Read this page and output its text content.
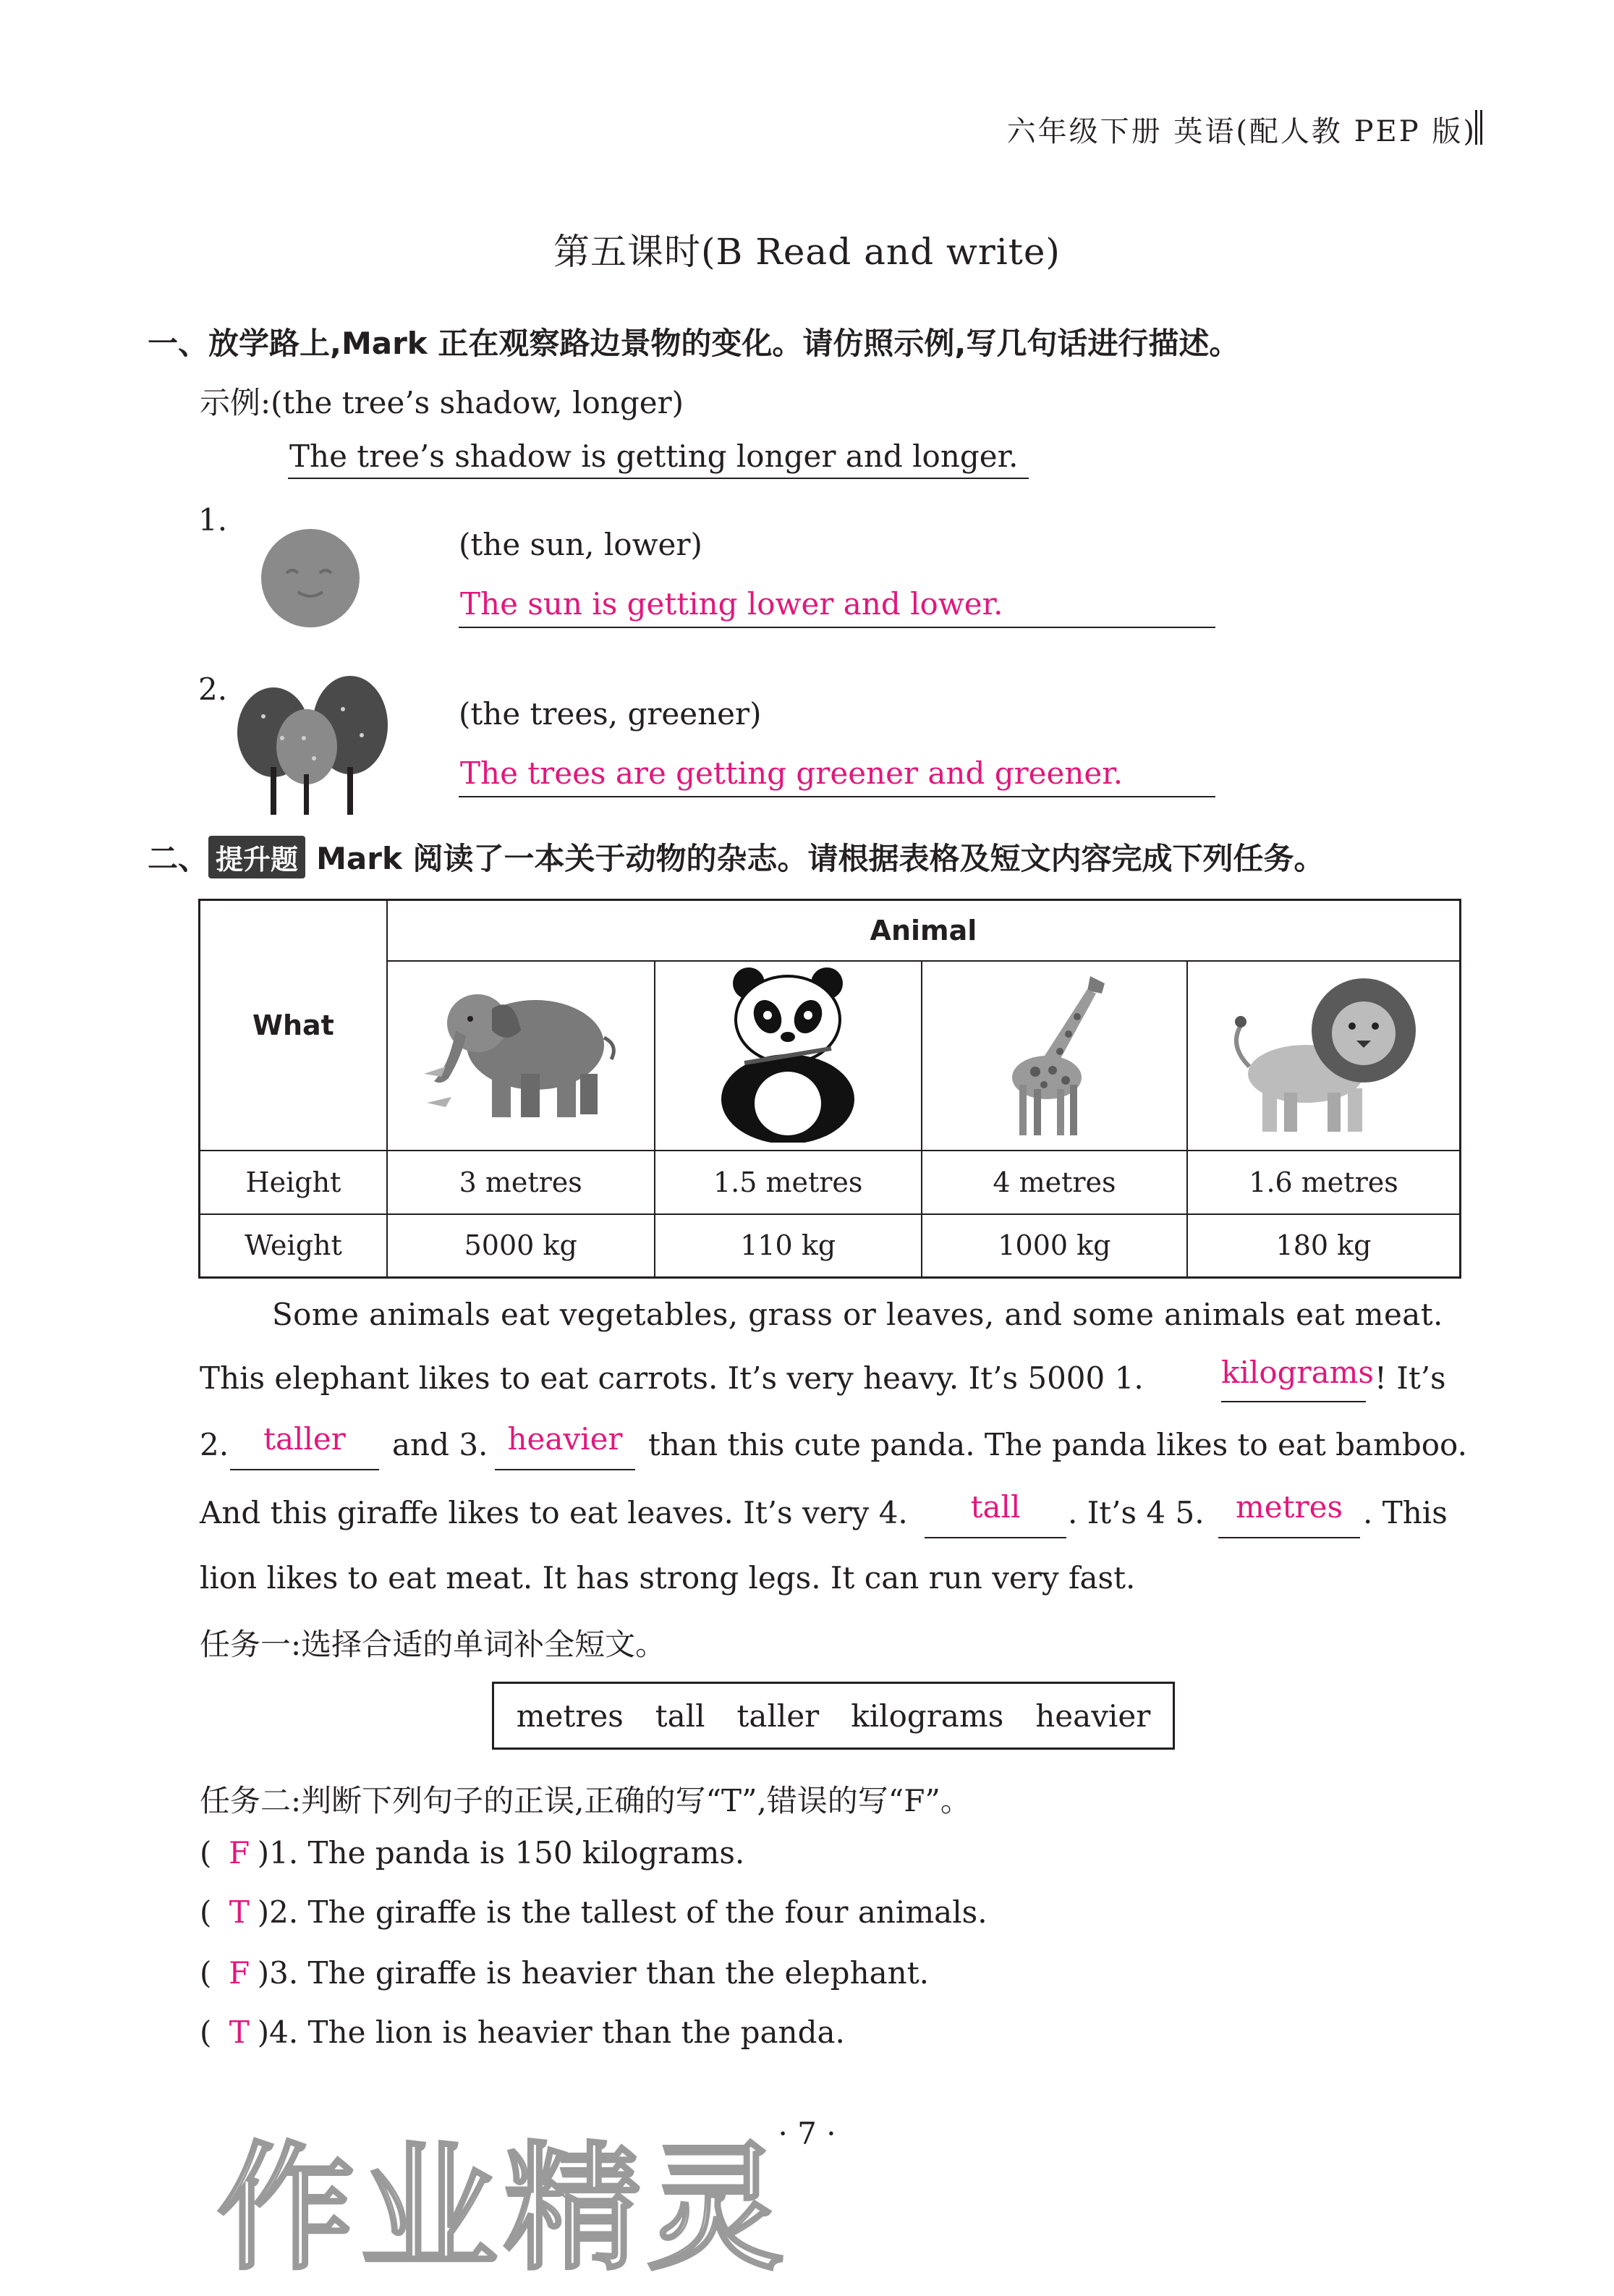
六年级下册 英语(配人教 PEP 版)
第五课时(B Read and write)
一、放学路上,Mark 正在观察路边景物的变化。请仿照示例,写几句话进行描述。
示例:(the tree’s shadow, longer)
The tree’s shadow is getting longer and longer.
1.
(the sun, lower)
The sun is getting lower and lower.
2.
(the trees, greener)
The trees are getting greener and greener.
二、 提升题 Mark 阅读了一本关于动物的杂志。请根据表格及短文内容完成下列任务。
What	Animal			

Height	3 metres	1.5 metres	4 metres	1.6 metres
Weight	5000 kg	110 kg	1000 kg	180 kg
Some animals eat vegetables, grass or leaves, and some animals eat meat.
This elephant likes to eat carrots. It’s very heavy. It’s 5000 1.	kilograms ! It’s
2.	taller	and 3. heavier than this cute panda. The panda likes to eat bamboo.
And this giraffe likes to eat leaves. It’s very 4.	tall	. It’s 4 5.	metres . This
lion likes to eat meat. It has strong legs. It can run very fast.
任务一:选择合适的单词补全短文。
metres tall taller kilograms heavier
任务二:判断下列句子的正误,正确的写“T”,错误的写“F”。
( F )1. The panda is 150 kilograms.
( T )2. The giraffe is the tallest of the four animals.
( F )3. The giraffe is heavier than the elephant.
( T )4. The lion is heavier than the panda.
· 7 ·
作业精灵
